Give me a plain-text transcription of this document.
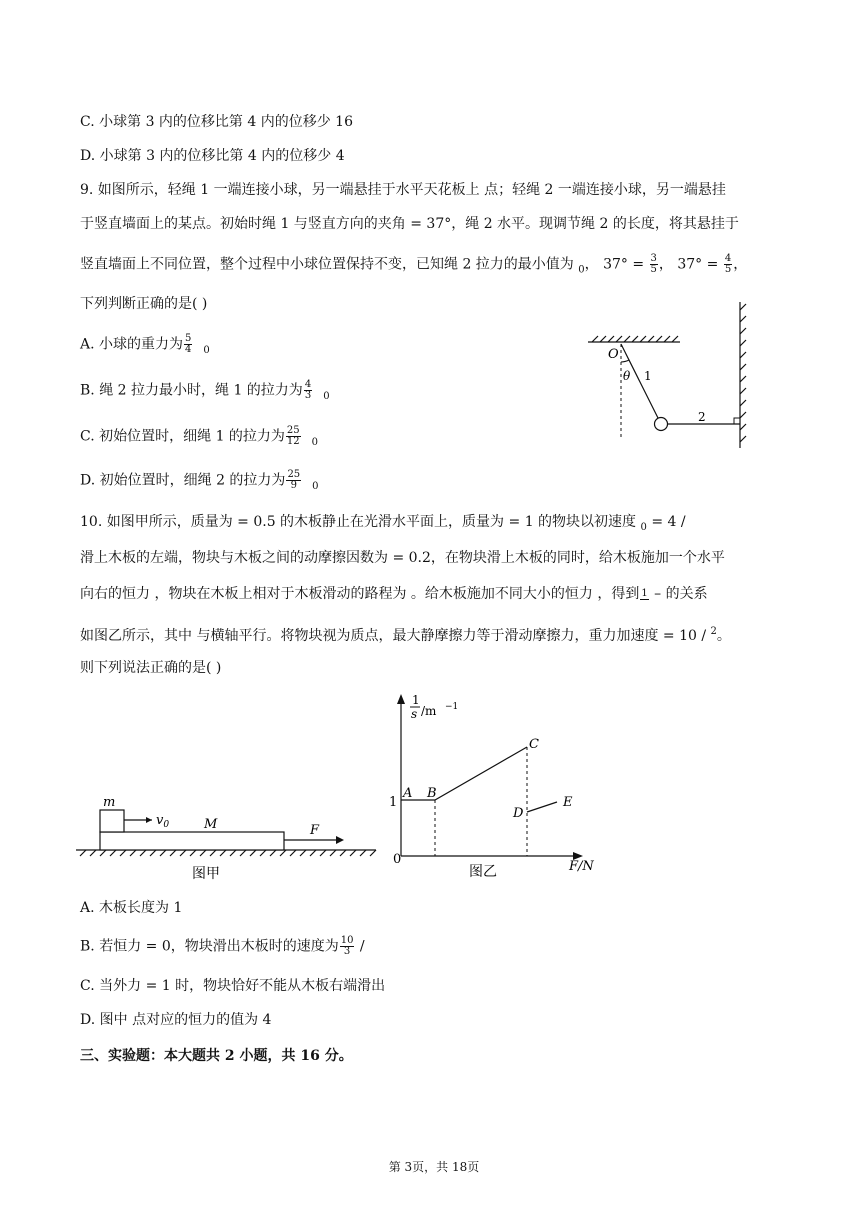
C. 小球第 3 内的位移比第 4 内的位移少 16
D. 小球第 3 内的位移比第 4 内的位移少 4
9. 如图所示，轻绳 1 一端连接小球，另一端悬挂于水平天花板上 点；轻绳 2 一端连接小球，另一端悬挂
于竖直墙面上的某点。初始时绳 1 与竖直方向的夹角 = 37°，绳 2 水平。现调节绳 2 的长度，将其悬挂于
竖直墙面上不同位置，整个过程中小球位置保持不变，已知绳 2 拉力的最小值为 $_0$， $37^\circ = \frac{3}{5}$ ， $37^\circ = \frac{4}{5}$ ，
下列判断正确的是( )
A. 小球的重力为 $\frac{5}{4} _0$
B. 绳 2 拉力最小时，绳 1 的拉力为 $\frac{4}{3} _0$
C. 初始位置时，细绳 1 的拉力为 $\frac{25}{12} _0$
D. 初始位置时，细绳 2 的拉力为 $\frac{25}{9} _0$
O
θ 1
2
10. 如图甲所示，质量为 = 0.5 的木板静止在光滑水平面上，质量为 = 1 的物块以初速度 $_0$ = 4 /
滑上木板的左端，物块与木板之间的动摩擦因数为 = 0.2，在物块滑上木板的同时，给木板施加一个水平
向右的恒力 ，物块在木板上相对于木板滑动的路程为 。给木板施加不同大小的恒力 ，得到 1 – 的关系
如图乙所示，其中 与横轴平行。将物块视为质点，最大静摩擦力等于滑动摩擦力，重力加速度 = 10 / $^2$。
则下列说法正确的是( )
m
$v_0$	M	F
图甲
1
s /m −1
A B
C
D
E
1
0	F/N
图乙
A. 木板长度为 1
B. 若恒力 = 0，物块滑出木板时的速度为 $\frac{10}{3}$ /
C. 当外力 = 1 时，物块恰好不能从木板右端滑出
D. 图中 点对应的恒力的值为 4
三、实验题：本大题共 2 小题，共 16 分。
第 3页，共 18页
